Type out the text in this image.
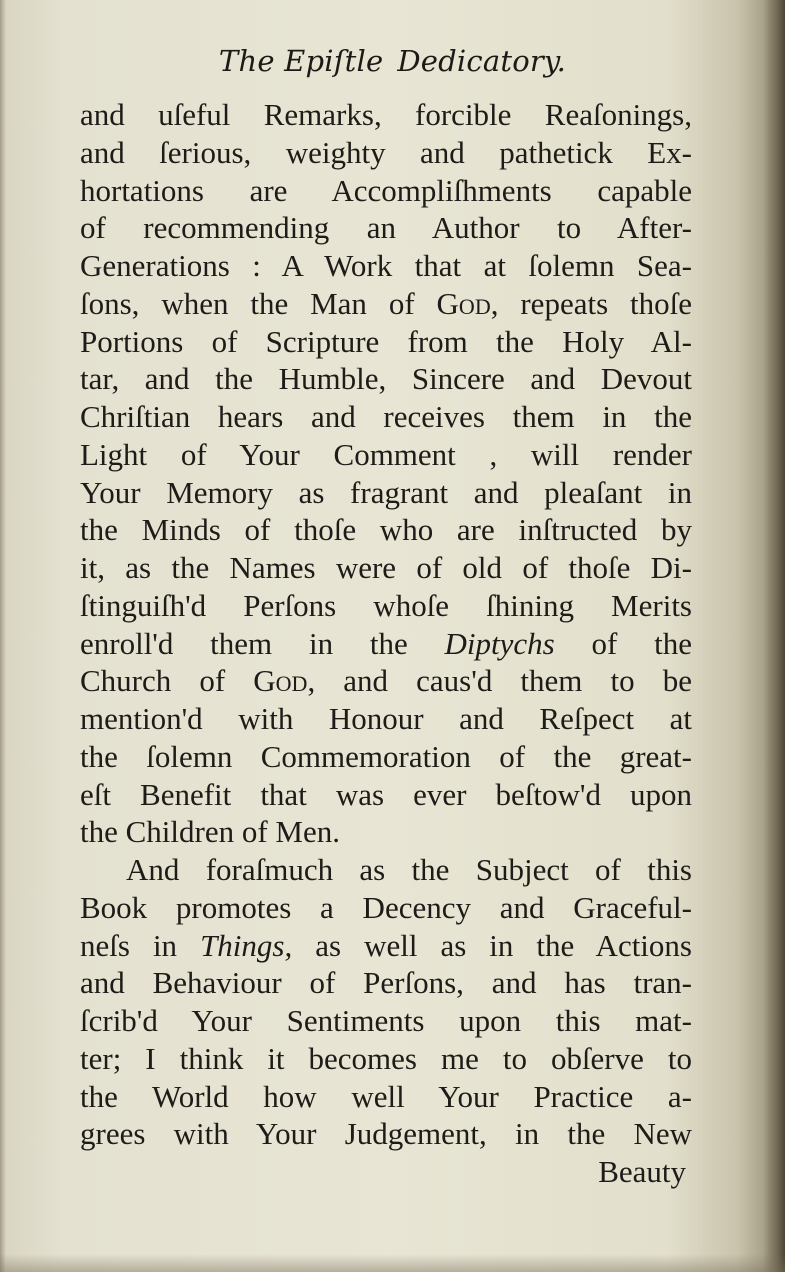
The Epiſtle Dedicatory.
and uſeful Remarks, forcible Reaſonings,
and ſerious, weighty and pathetick Ex-
hortations are Accompliſhments capable
of recommending an Author to After-
Generations : A Work that at ſolemn Sea-
ſons, when the Man of God, repeats thoſe
Portions of Scripture from the Holy Al-
tar, and the Humble, Sincere and Devout
Chriſtian hears and receives them in the
Light of Your Comment , will render
Your Memory as fragrant and pleaſant in
the Minds of thoſe who are inſtructed by
it, as the Names were of old of thoſe Di-
ſtinguiſh'd Perſons whoſe ſhining Merits
enroll'd them in the Diptychs of the
Church of God, and caus'd them to be
mention'd with Honour and Reſpect at
the ſolemn Commemoration of the great-
eſt Benefit that was ever beſtow'd upon
the Children of Men.
And foraſmuch as the Subject of this
Book promotes a Decency and Graceful-
neſs in Things, as well as in the Actions
and Behaviour of Perſons, and has tran-
ſcrib'd Your Sentiments upon this mat-
ter; I think it becomes me to obſerve to
the World how well Your Practice a-
grees with Your Judgement, in the New
Beauty
